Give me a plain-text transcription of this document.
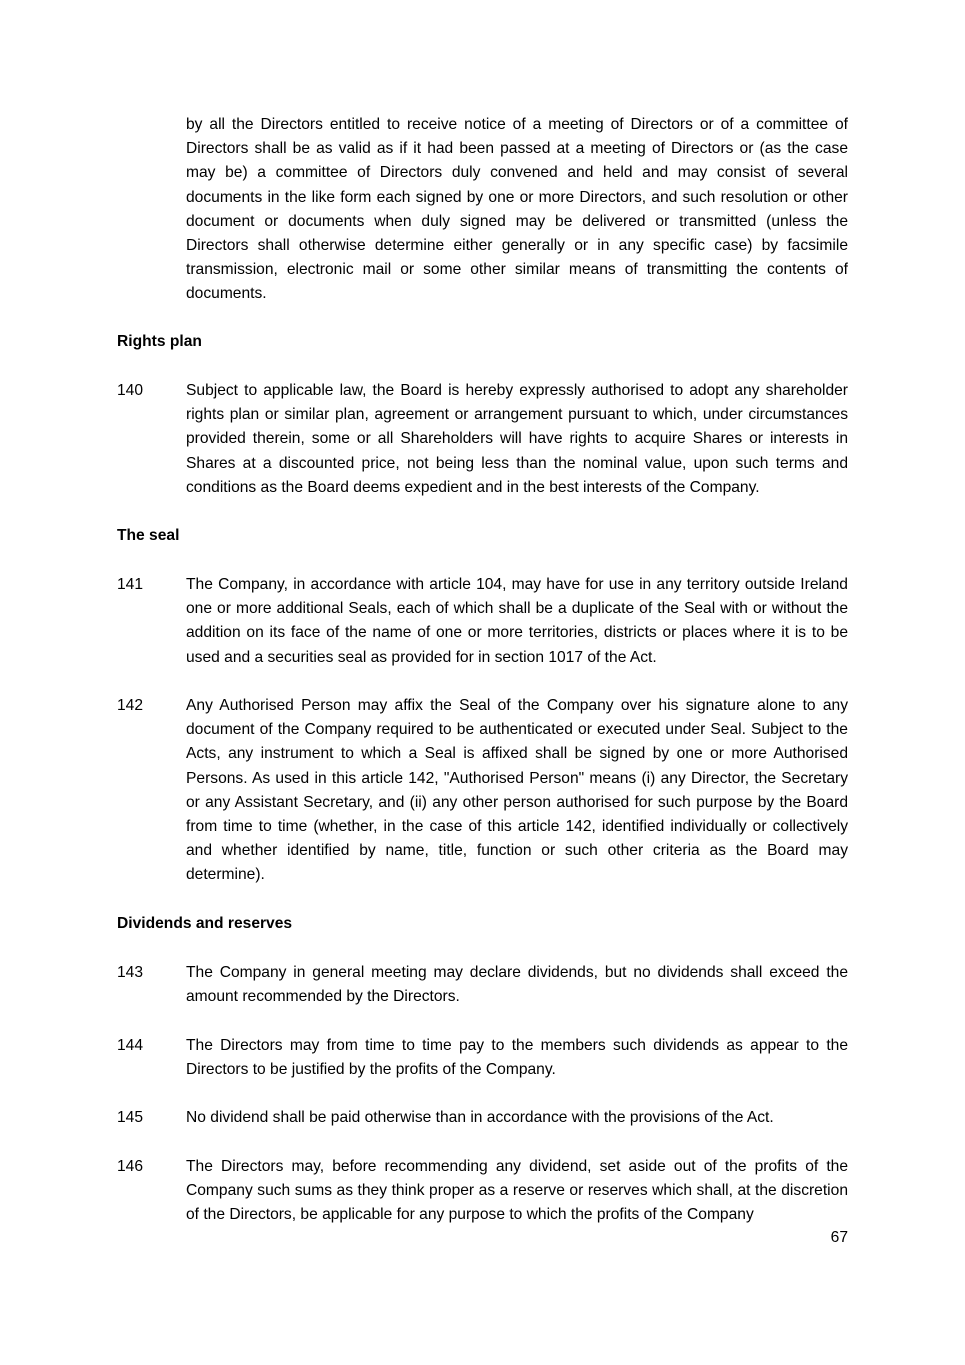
by all the Directors entitled to receive notice of a meeting of Directors or of a committee of Directors shall be as valid as if it had been passed at a meeting of Directors or (as the case may be) a committee of Directors duly convened and held and may consist of several documents in the like form each signed by one or more Directors, and such resolution or other document or documents when duly signed may be delivered or transmitted (unless the Directors shall otherwise determine either generally or in any specific case) by facsimile transmission, electronic mail or some other similar means of transmitting the contents of documents.
Rights plan
140	Subject to applicable law, the Board is hereby expressly authorised to adopt any shareholder rights plan or similar plan, agreement or arrangement pursuant to which, under circumstances provided therein, some or all Shareholders will have rights to acquire Shares or interests in Shares at a discounted price, not being less than the nominal value, upon such terms and conditions as the Board deems expedient and in the best interests of the Company.
The seal
141	The Company, in accordance with article 104, may have for use in any territory outside Ireland one or more additional Seals, each of which shall be a duplicate of the Seal with or without the addition on its face of the name of one or more territories, districts or places where it is to be used and a securities seal as provided for in section 1017 of the Act.
142	Any Authorised Person may affix the Seal of the Company over his signature alone to any document of the Company required to be authenticated or executed under Seal. Subject to the Acts, any instrument to which a Seal is affixed shall be signed by one or more Authorised Persons. As used in this article 142, "Authorised Person" means (i) any Director, the Secretary or any Assistant Secretary, and (ii) any other person authorised for such purpose by the Board from time to time (whether, in the case of this article 142, identified individually or collectively and whether identified by name, title, function or such other criteria as the Board may determine).
Dividends and reserves
143	The Company in general meeting may declare dividends, but no dividends shall exceed the amount recommended by the Directors.
144	The Directors may from time to time pay to the members such dividends as appear to the Directors to be justified by the profits of the Company.
145	No dividend shall be paid otherwise than in accordance with the provisions of the Act.
146	The Directors may, before recommending any dividend, set aside out of the profits of the Company such sums as they think proper as a reserve or reserves which shall, at the discretion of the Directors, be applicable for any purpose to which the profits of the Company
67
